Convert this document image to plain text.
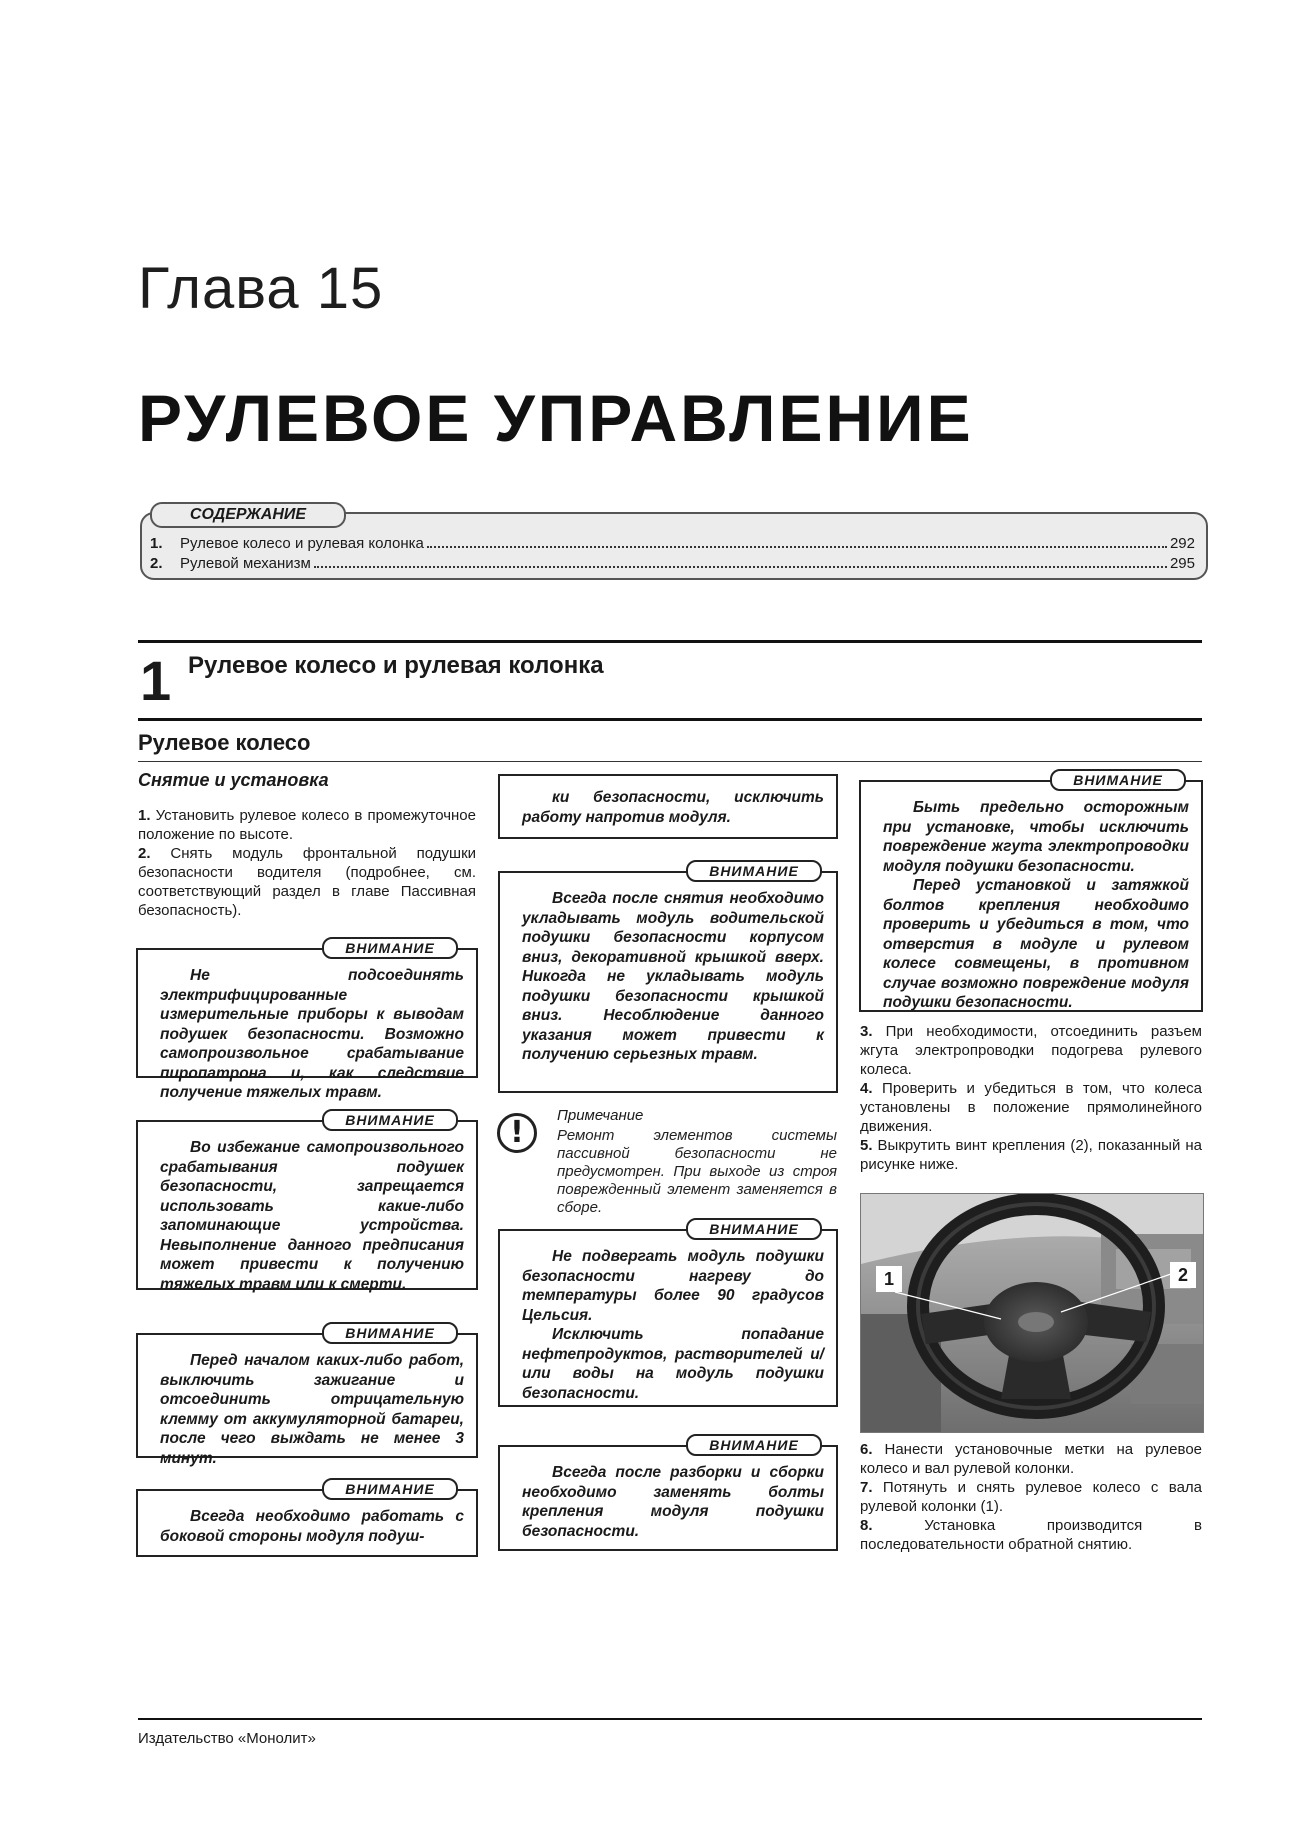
Глава 15
РУЛЕВОЕ УПРАВЛЕНИЕ
СОДЕРЖАНИЕ
1.	Рулевое колесо и рулевая колонка	292
2.	Рулевой механизм	295
1 Рулевое колесо и рулевая колонка
Рулевое колесо
Снятие и установка

1. Установить рулевое колесо в промежуточное положение по высоте.

2. Снять модуль фронтальной подушки безопасности водителя (подробнее, см. соответствующий раздел в главе Пассивная безопасность).

Не подсоединять электрифицированные измерительные приборы к выводам подушек безопасности. Возможно самопроизвольное срабатывание пиропатрона и, как следствие получение тяжелых травм.

ВНИМАНИЕ

Во избежание самопроизвольного срабатывания подушек безопасности, запрещается использовать какие-либо запоминающие устройства. Невыполнение данного предписания может привести к получению тяжелых травм или к смерти.

ВНИМАНИЕ

Перед началом каких-либо работ, выключить зажигание и отсоединить отрицательную клемму от аккумуляторной батареи, после чего выждать не менее 3 минут.

ВНИМАНИЕ

Всегда необходимо работать с боковой стороны модуля подуш-

ВНИМАНИЕ

ки безопасности, исключить работу напротив модуля.

Всегда после снятия необходимо укладывать модуль водительской подушки безопасности корпусом вниз, декоративной крышкой вверх. Никогда не укладывать модуль подушки безопасности крышкой вниз. Несоблюдение данного указания может привести к получению серьезных травм.

ВНИМАНИЕ
!	Примечание
Ремонт элементов системы пассивной безопасности не предусмотрен. При выходе из строя поврежденный элемент заменяется в сборе.

Не подвергать модуль подушки безопасности нагреву до температуры более 90 градусов Цельсия.

Исключить попадание нефтепродуктов, растворителей и/или воды на модуль подушки безопасности.

ВНИМАНИЕ

Всегда после разборки и сборки необходимо заменять болты крепления модуля подушки безопасности.

ВНИМАНИЕ

Быть предельно осторожным при установке, чтобы исключить повреждение жгута электропроводки модуля подушки безопасности.

Перед установкой и затяжкой болтов крепления необходимо проверить и убедиться в том, что отверстия в модуле и рулевом колесе совмещены, в противном случае возможно повреждение модуля подушки безопасности.

ВНИМАНИЕ

3. При необходимости, отсоединить разъем жгута электропроводки подогрева рулевого колеса.

4. Проверить и убедиться в том, что колеса установлены в положение прямолинейного движения.

5. Выкрутить винт крепления (2), показанный на рисунке ниже.

1	2

6. Нанести установочные метки на рулевое колесо и вал рулевой колонки.

7. Потянуть и снять рулевое колесо с вала рулевой колонки (1).

8.	Установка производится в последовательности обратной снятию.

Издательство «Монолит»
